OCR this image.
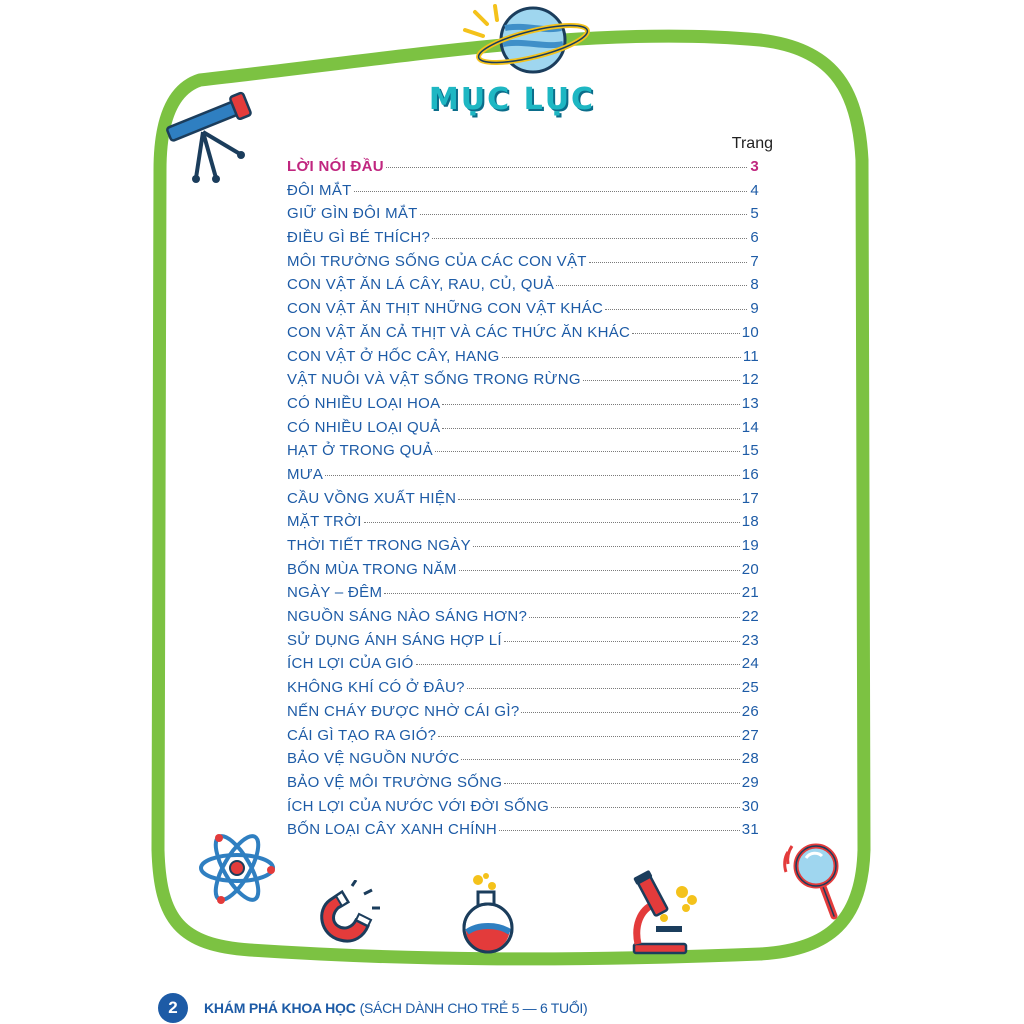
MỤC LỤC
Trang
LỜI NÓI ĐẦU	3
ĐÔI MẮT	4
GIỮ GÌN ĐÔI MẮT	5
ĐIỀU GÌ BÉ THÍCH?	6
MÔI TRƯỜNG SỐNG CỦA CÁC CON VẬT	7
CON VẬT ĂN LÁ CÂY, RAU, CỦ, QUẢ	8
CON VẬT ĂN THỊT NHỮNG CON VẬT KHÁC	9
CON VẬT ĂN CẢ THỊT VÀ CÁC THỨC ĂN KHÁC	10
CON VẬT Ở HỐC CÂY, HANG	11
VẬT NUÔI VÀ VẬT SỐNG TRONG RỪNG	12
CÓ NHIỀU LOẠI HOA	13
CÓ NHIỀU LOẠI QUẢ	14
HẠT Ở TRONG QUẢ	15
MƯA	16
CẦU VỒNG XUẤT HIỆN	17
MẶT TRỜI	18
THỜI TIẾT TRONG NGÀY	19
BỐN MÙA TRONG NĂM	20
NGÀY – ĐÊM	21
NGUỒN SÁNG NÀO SÁNG HƠN?	22
SỬ DỤNG ÁNH SÁNG HỢP LÍ	23
ÍCH LỢI CỦA GIÓ	24
KHÔNG KHÍ CÓ Ở ĐÂU?	25
NẾN CHÁY ĐƯỢC NHỜ CÁI GÌ?	26
CÁI GÌ TẠO RA GIÓ?	27
BẢO VỆ NGUỒN NƯỚC	28
BẢO VỆ MÔI TRƯỜNG SỐNG	29
ÍCH LỢI CỦA NƯỚC VỚI ĐỜI SỐNG	30
BỐN LOẠI CÂY XANH CHÍNH	31
2	KHÁM PHÁ KHOA HỌC (SÁCH DÀNH CHO TRẺ 5 — 6 TUỔI)
